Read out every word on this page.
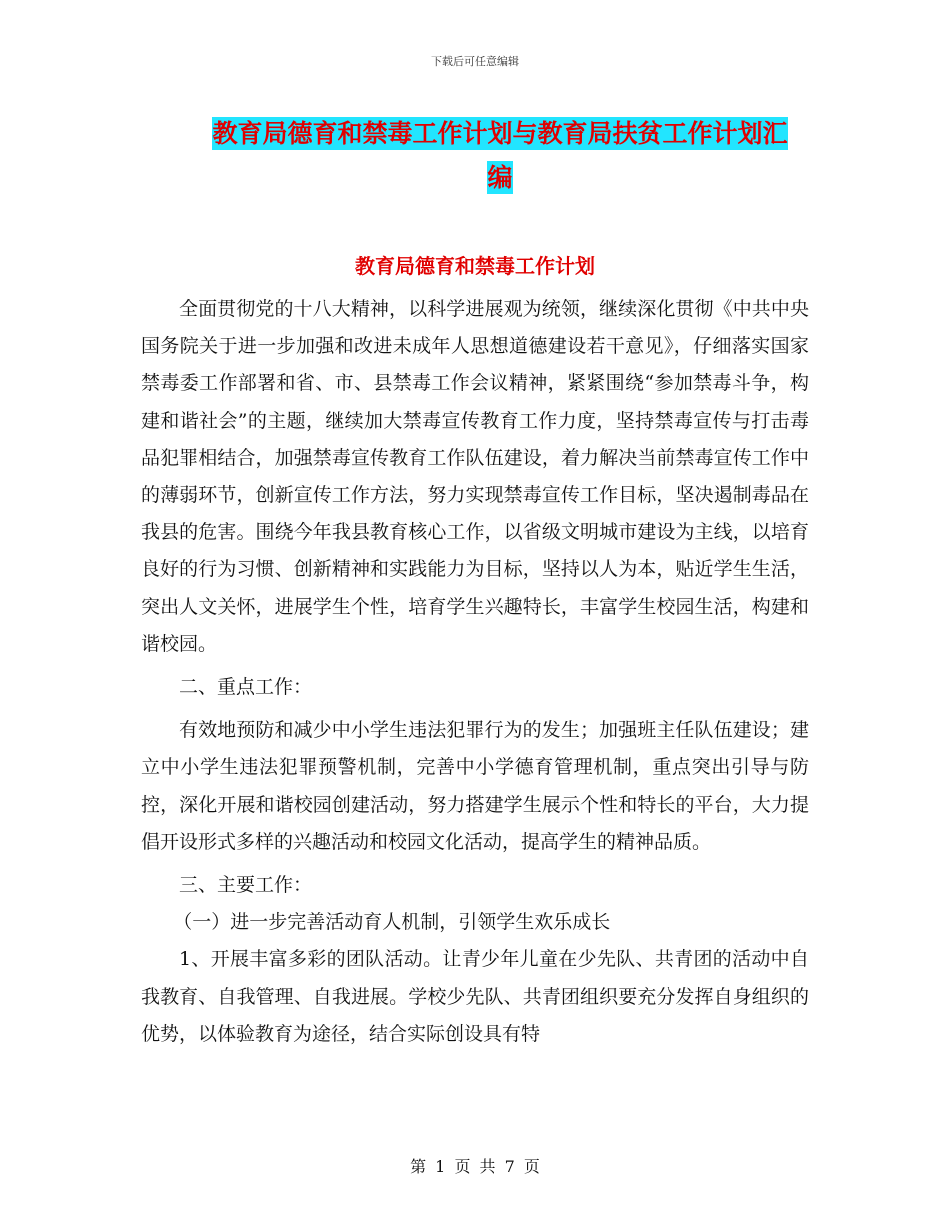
下载后可任意编辑
教育局德育和禁毒工作计划与教育局扶贫工作计划汇
编
教育局德育和禁毒工作计划

全面贯彻党的十八大精神，以科学进展观为统领，继续深化贯彻《中共中央国务院关于进一步加强和改进未成年人思想道德建设若干意见》，仔细落实国家禁毒委工作部署和省、市、县禁毒工作会议精神，紧紧围绕“参加禁毒斗争，构建和谐社会”的主题，继续加大禁毒宣传教育工作力度，坚持禁毒宣传与打击毒品犯罪相结合，加强禁毒宣传教育工作队伍建设，着力解决当前禁毒宣传工作中的薄弱环节，创新宣传工作方法，努力实现禁毒宣传工作目标，坚决遏制毒品在我县的危害。围绕今年我县教育核心工作，以省级文明城市建设为主线，以培育良好的行为习惯、创新精神和实践能力为目标，坚持以人为本，贴近学生生活，突出人文关怀，进展学生个性，培育学生兴趣特长，丰富学生校园生活，构建和谐校园。

二、重点工作：

有效地预防和减少中小学生违法犯罪行为的发生；加强班主任队伍建设；建立中小学生违法犯罪预警机制，完善中小学德育管理机制，重点突出引导与防控，深化开展和谐校园创建活动，努力搭建学生展示个性和特长的平台，大力提倡开设形式多样的兴趣活动和校园文化活动，提高学生的精神品质。

三、主要工作：

（一）进一步完善活动育人机制，引领学生欢乐成长

1、开展丰富多彩的团队活动。让青少年儿童在少先队、共青团的活动中自我教育、自我管理、自我进展。学校少先队、共青团组织要充分发挥自身组织的优势，以体验教育为途径，结合实际创设具有特

第 1 页 共 7 页
